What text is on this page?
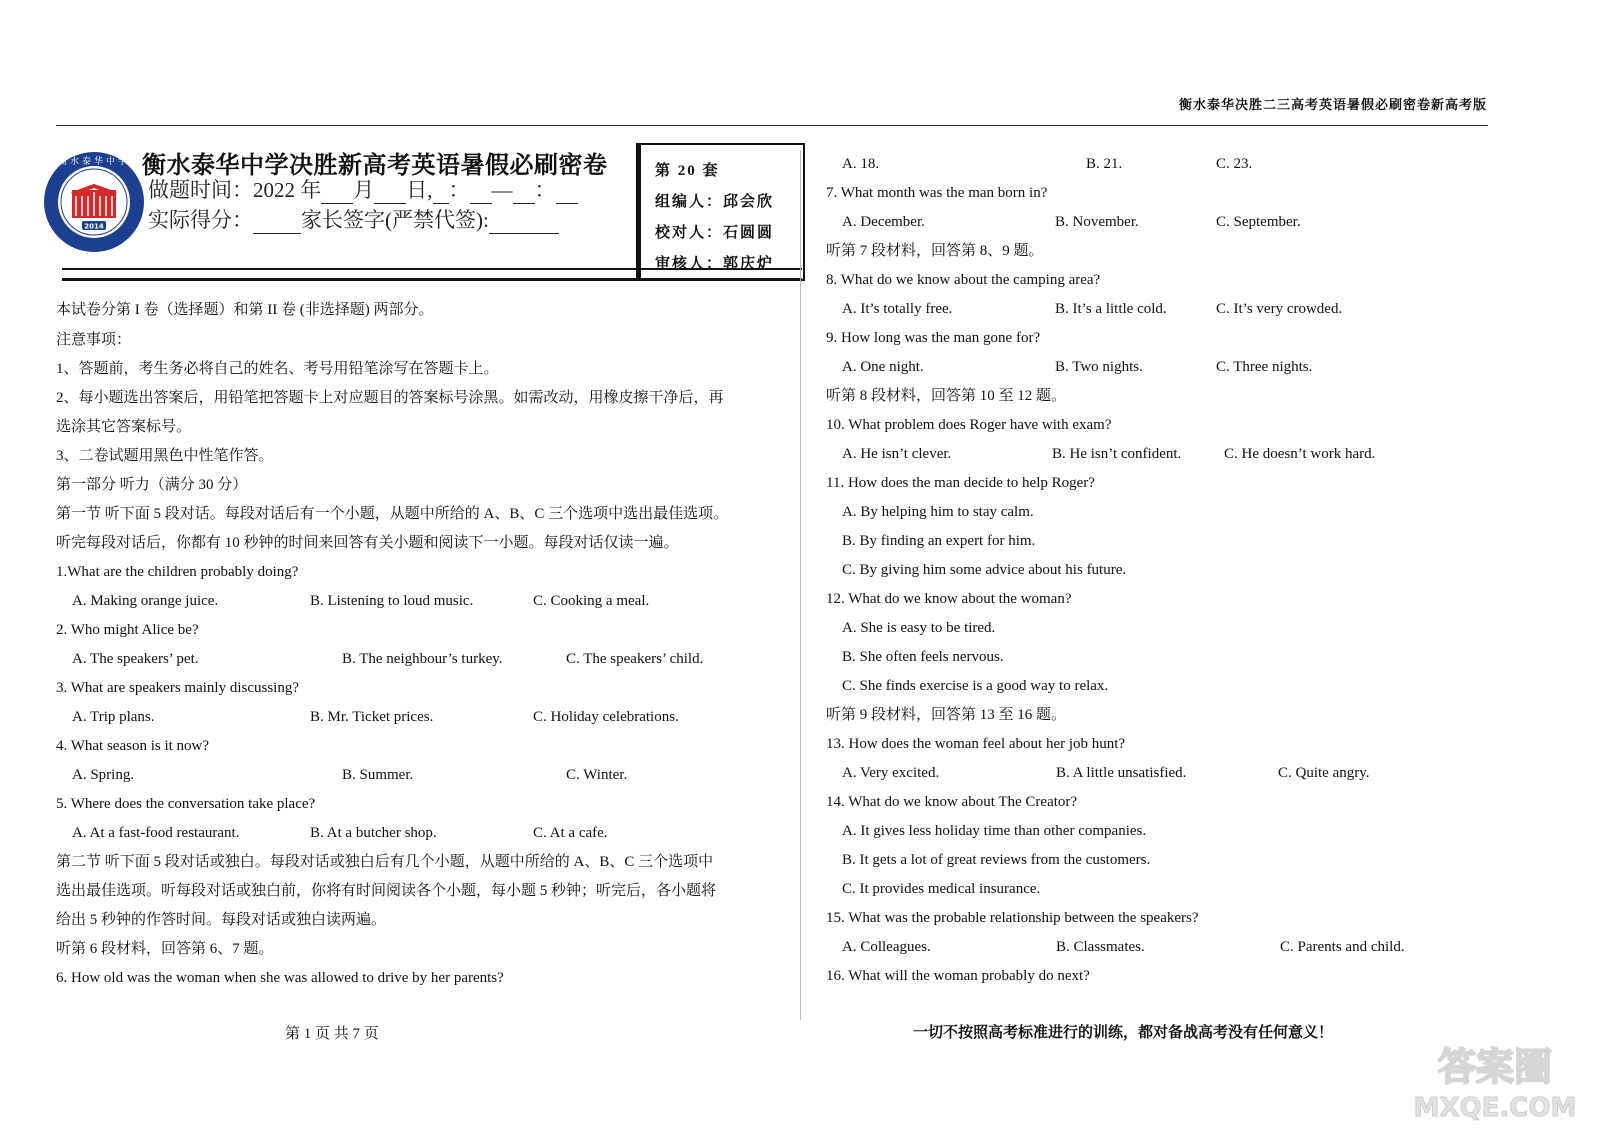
衡水泰华决胜二三高考英语暑假必刷密卷新高考版
2014
衡水泰华中学 衡水泰华中学决胜新高考英语暑假必刷密卷
做题时间：2022 年 月 日, ： — ：
实际得分： 家长签字(严禁代签):
第 20 套
组编人：邱会欣
校对人：石圆圆
审核人：郭庆炉
本试卷分第 I 卷（选择题）和第 II 卷 (非选择题) 两部分。
注意事项：
1、答题前，考生务必将自己的姓名、考号用铅笔涂写在答题卡上。
2、每小题选出答案后，用铅笔把答题卡上对应题目的答案标号涂黑。如需改动，用橡皮擦干净后，再
选涂其它答案标号。
3、二卷试题用黑色中性笔作答。
第一部分 听力（满分 30 分）
第一节 听下面 5 段对话。每段对话后有一个小题，从题中所给的 A、B、C 三个选项中选出最佳选项。
听完每段对话后，你都有 10 秒钟的时间来回答有关小题和阅读下一小题。每段对话仅读一遍。
1.What are the children probably doing?
A. Making orange juice.	B. Listening to loud music.	C. Cooking a meal.
2. Who might Alice be?
A. The speakers’ pet.	B. The neighbour’s turkey.	C. The speakers’ child.
3. What are speakers mainly discussing?
A. Trip plans.	B. Mr. Ticket prices.	C. Holiday celebrations.
4. What season is it now?
A. Spring.	B. Summer.	C. Winter.
5. Where does the conversation take place?
A. At a fast-food restaurant.	B. At a butcher shop.	C. At a cafe.
第二节 听下面 5 段对话或独白。每段对话或独白后有几个小题，从题中所给的 A、B、C 三个选项中
选出最佳选项。听每段对话或独白前，你将有时间阅读各个小题，每小题 5 秒钟；听完后，各小题将
给出 5 秒钟的作答时间。每段对话或独白读两遍。
听第 6 段材料，回答第 6、7 题。
6. How old was the woman when she was allowed to drive by her parents?
A. 18.	B. 21.	C. 23.
7. What month was the man born in?
A. December.	B. November.	C. September.
听第 7 段材料，回答第 8、9 题。
8. What do we know about the camping area?
A. It’s totally free.	B. It’s a little cold.	C. It’s very crowded.
9. How long was the man gone for?
A. One night.	B. Two nights.	C. Three nights.
听第 8 段材料，回答第 10 至 12 题。
10. What problem does Roger have with exam?
A. He isn’t clever.	B. He isn’t confident.	C. He doesn’t work hard.
11. How does the man decide to help Roger?
A. By helping him to stay calm.
B. By finding an expert for him.
C. By giving him some advice about his future.
12. What do we know about the woman?
A. She is easy to be tired.
B. She often feels nervous.
C. She finds exercise is a good way to relax.
听第 9 段材料，回答第 13 至 16 题。
13. How does the woman feel about her job hunt?
A. Very excited.	B. A little unsatisfied.	C. Quite angry.
14. What do we know about The Creator?
A. It gives less holiday time than other companies.
B. It gets a lot of great reviews from the customers.
C. It provides medical insurance.
15. What was the probable relationship between the speakers?
A. Colleagues.	B. Classmates.	C. Parents and child.
16. What will the woman probably do next?
第 1 页 共 7 页	一切不按照高考标准进行的训练，都对备战高考没有任何意义！
答案圈
MXQE.COM
